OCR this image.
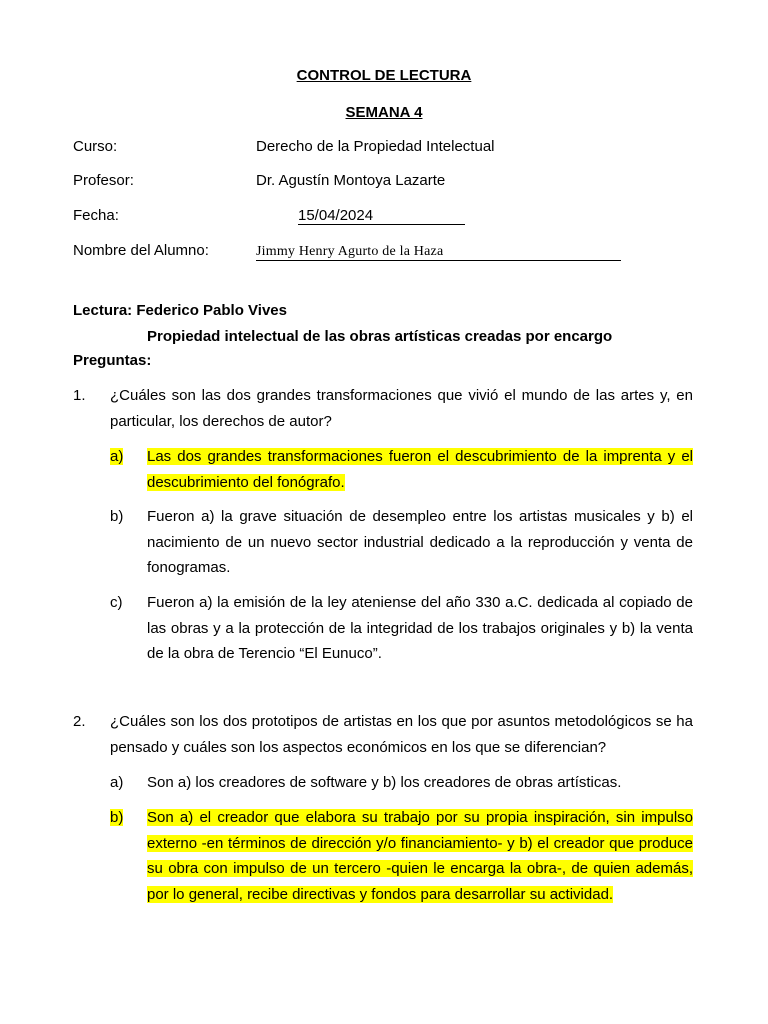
CONTROL DE LECTURA
SEMANA 4
Curso:	Derecho de la Propiedad Intelectual
Profesor:	Dr. Agustín Montoya Lazarte
Fecha:	15/04/2024
Nombre del Alumno:	Jimmy Henry Agurto de la Haza
Lectura: Federico Pablo Vives
Propiedad intelectual de las obras artísticas creadas por encargo
Preguntas:
1. ¿Cuáles son las dos grandes transformaciones que vivió el mundo de las artes y, en particular, los derechos de autor?
a) Las dos grandes transformaciones fueron el descubrimiento de la imprenta y el descubrimiento del fonógrafo.
b) Fueron a) la grave situación de desempleo entre los artistas musicales y b) el nacimiento de un nuevo sector industrial dedicado a la reproducción y venta de fonogramas.
c) Fueron a) la emisión de la ley ateniense del año 330 a.C. dedicada al copiado de las obras y a la protección de la integridad de los trabajos originales y b) la venta de la obra de Terencio “El Eunuco”.
2. ¿Cuáles son los dos prototipos de artistas en los que por asuntos metodológicos se ha pensado y cuáles son los aspectos económicos en los que se diferencian?
a) Son a) los creadores de software y b) los creadores de obras artísticas.
b) Son a) el creador que elabora su trabajo por su propia inspiración, sin impulso externo -en términos de dirección y/o financiamiento- y b) el creador que produce su obra con impulso de un tercero -quien le encarga la obra-, de quien además, por lo general, recibe directivas y fondos para desarrollar su actividad.
